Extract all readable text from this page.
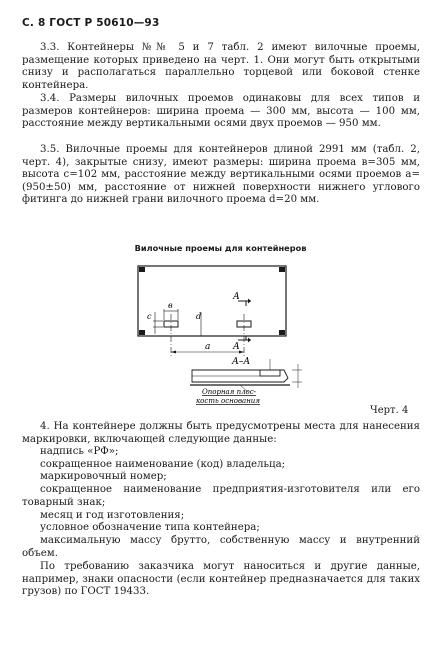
С. 8 ГОСТ Р 50610—93

3.3. Контейнеры №№ 5 и 7 табл. 2 имеют вилочные проемы, размещение которых приведено на черт. 1. Они могут быть открытыми снизу и располагаться параллельно торцевой или боковой стенке контейнера.

3.4. Размеры вилочных проемов одинаковы для всех типов и размеров контейнеров: ширина проема — 300 мм, высота — 100 мм, расстояние между вертикальными осями двух проемов — 950 мм.

3.5. Вилочные проемы для контейнеров длиной 2991 мм (табл. 2, черт. 4), закрытые снизу, имеют размеры: ширина проема в=305 мм, высота с=102 мм, расстояние между вертикальными осями проемов а=(950±50) мм, расстояние от нижней поверхности нижнего углового фитинга до нижней грани вилочного проема d=20 мм.

Вилочные проемы для контейнеров
А
А
в
с	d
а
А–А
Опорная плос-
кость основания
Черт. 4

4. На контейнере должны быть предусмотрены места для нанесения маркировки, включающей следующие данные:

надпись «РФ»;

сокращенное наименование (код) владельца;

маркировочный номер;

сокращенное наименование предприятия-изготовителя или его товарный знак;

месяц и год изготовления;

условное обозначение типа контейнера;

максимальную массу брутто, собственную массу и внутренний объем.

По требованию заказчика могут наноситься и другие данные, например, знаки опасности (если контейнер предназначается для таких грузов) по ГОСТ 19433.
